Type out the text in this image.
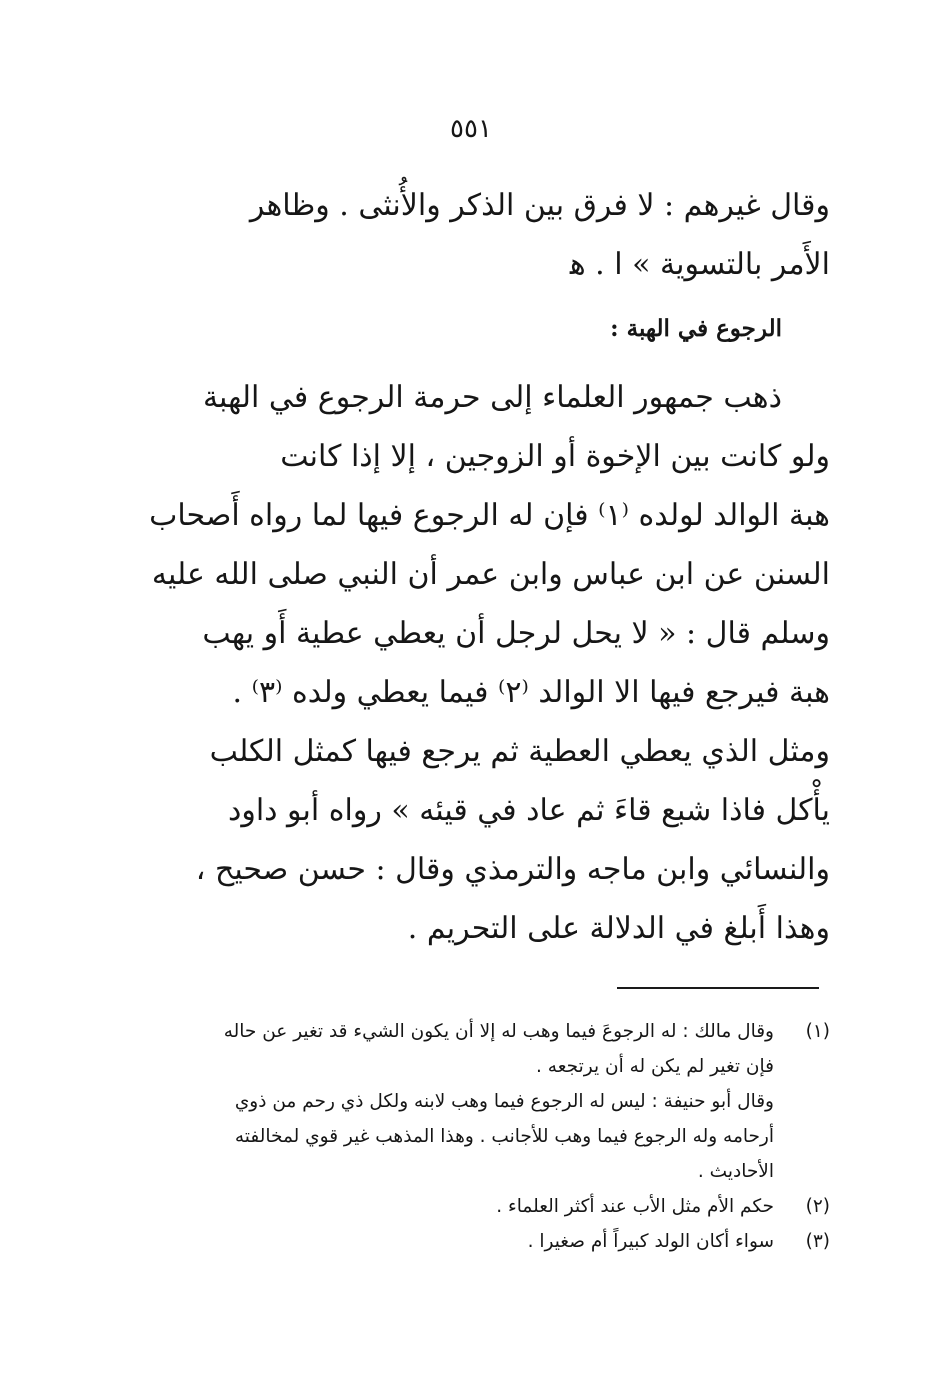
٥٥١
وقال غيرهم : لا فرق بين الذكر والأُنثى . وظاهر
الأَمر بالتسوية » ا . ﻫ
الرجوع في الهبة :
ذهب جمهور العلماء إلى حرمة الرجوع في الهبة
ولو كانت بين الإخوة أو الزوجين ، إلا إذا كانت
هبة الوالد لولده ⁽١⁾ فإن له الرجوع فيها لما رواه أَصحاب
السنن عن ابن عباس وابن عمر أن النبي صلى الله عليه
وسلم قال : « لا يحل لرجل أن يعطي عطية أَو يهب
هبة فيرجع فيها الا الوالد ⁽٢⁾ فيما يعطي ولده ⁽٣⁾ .
ومثل الذي يعطي العطية ثم يرجع فيها كمثل الكلب
يأْكل فاذا شبع قاءَ ثم عاد في قيئه » رواه أبو داود
والنسائي وابن ماجه والترمذي وقال : حسن صحيح ،
وهذا أَبلغ في الدلالة على التحريم .
(١)وقال مالك : له الرجوعَ فيما وهب له إلا أن يكون الشيء قد تغير عن حاله
فإن تغير لم يكن له أن يرتجعه .
وقال أبو حنيفة : ليس له الرجوع فيما وهب لابنه ولكل ذي رحم من ذوي
أرحامه وله الرجوع فيما وهب للأجانب . وهذا المذهب غير قوي لمخالفته
الأحاديث .
(٢)حكم الأم مثل الأب عند أكثر العلماء .
(٣)سواء أكان الولد كبيراً أم صغيرا .
